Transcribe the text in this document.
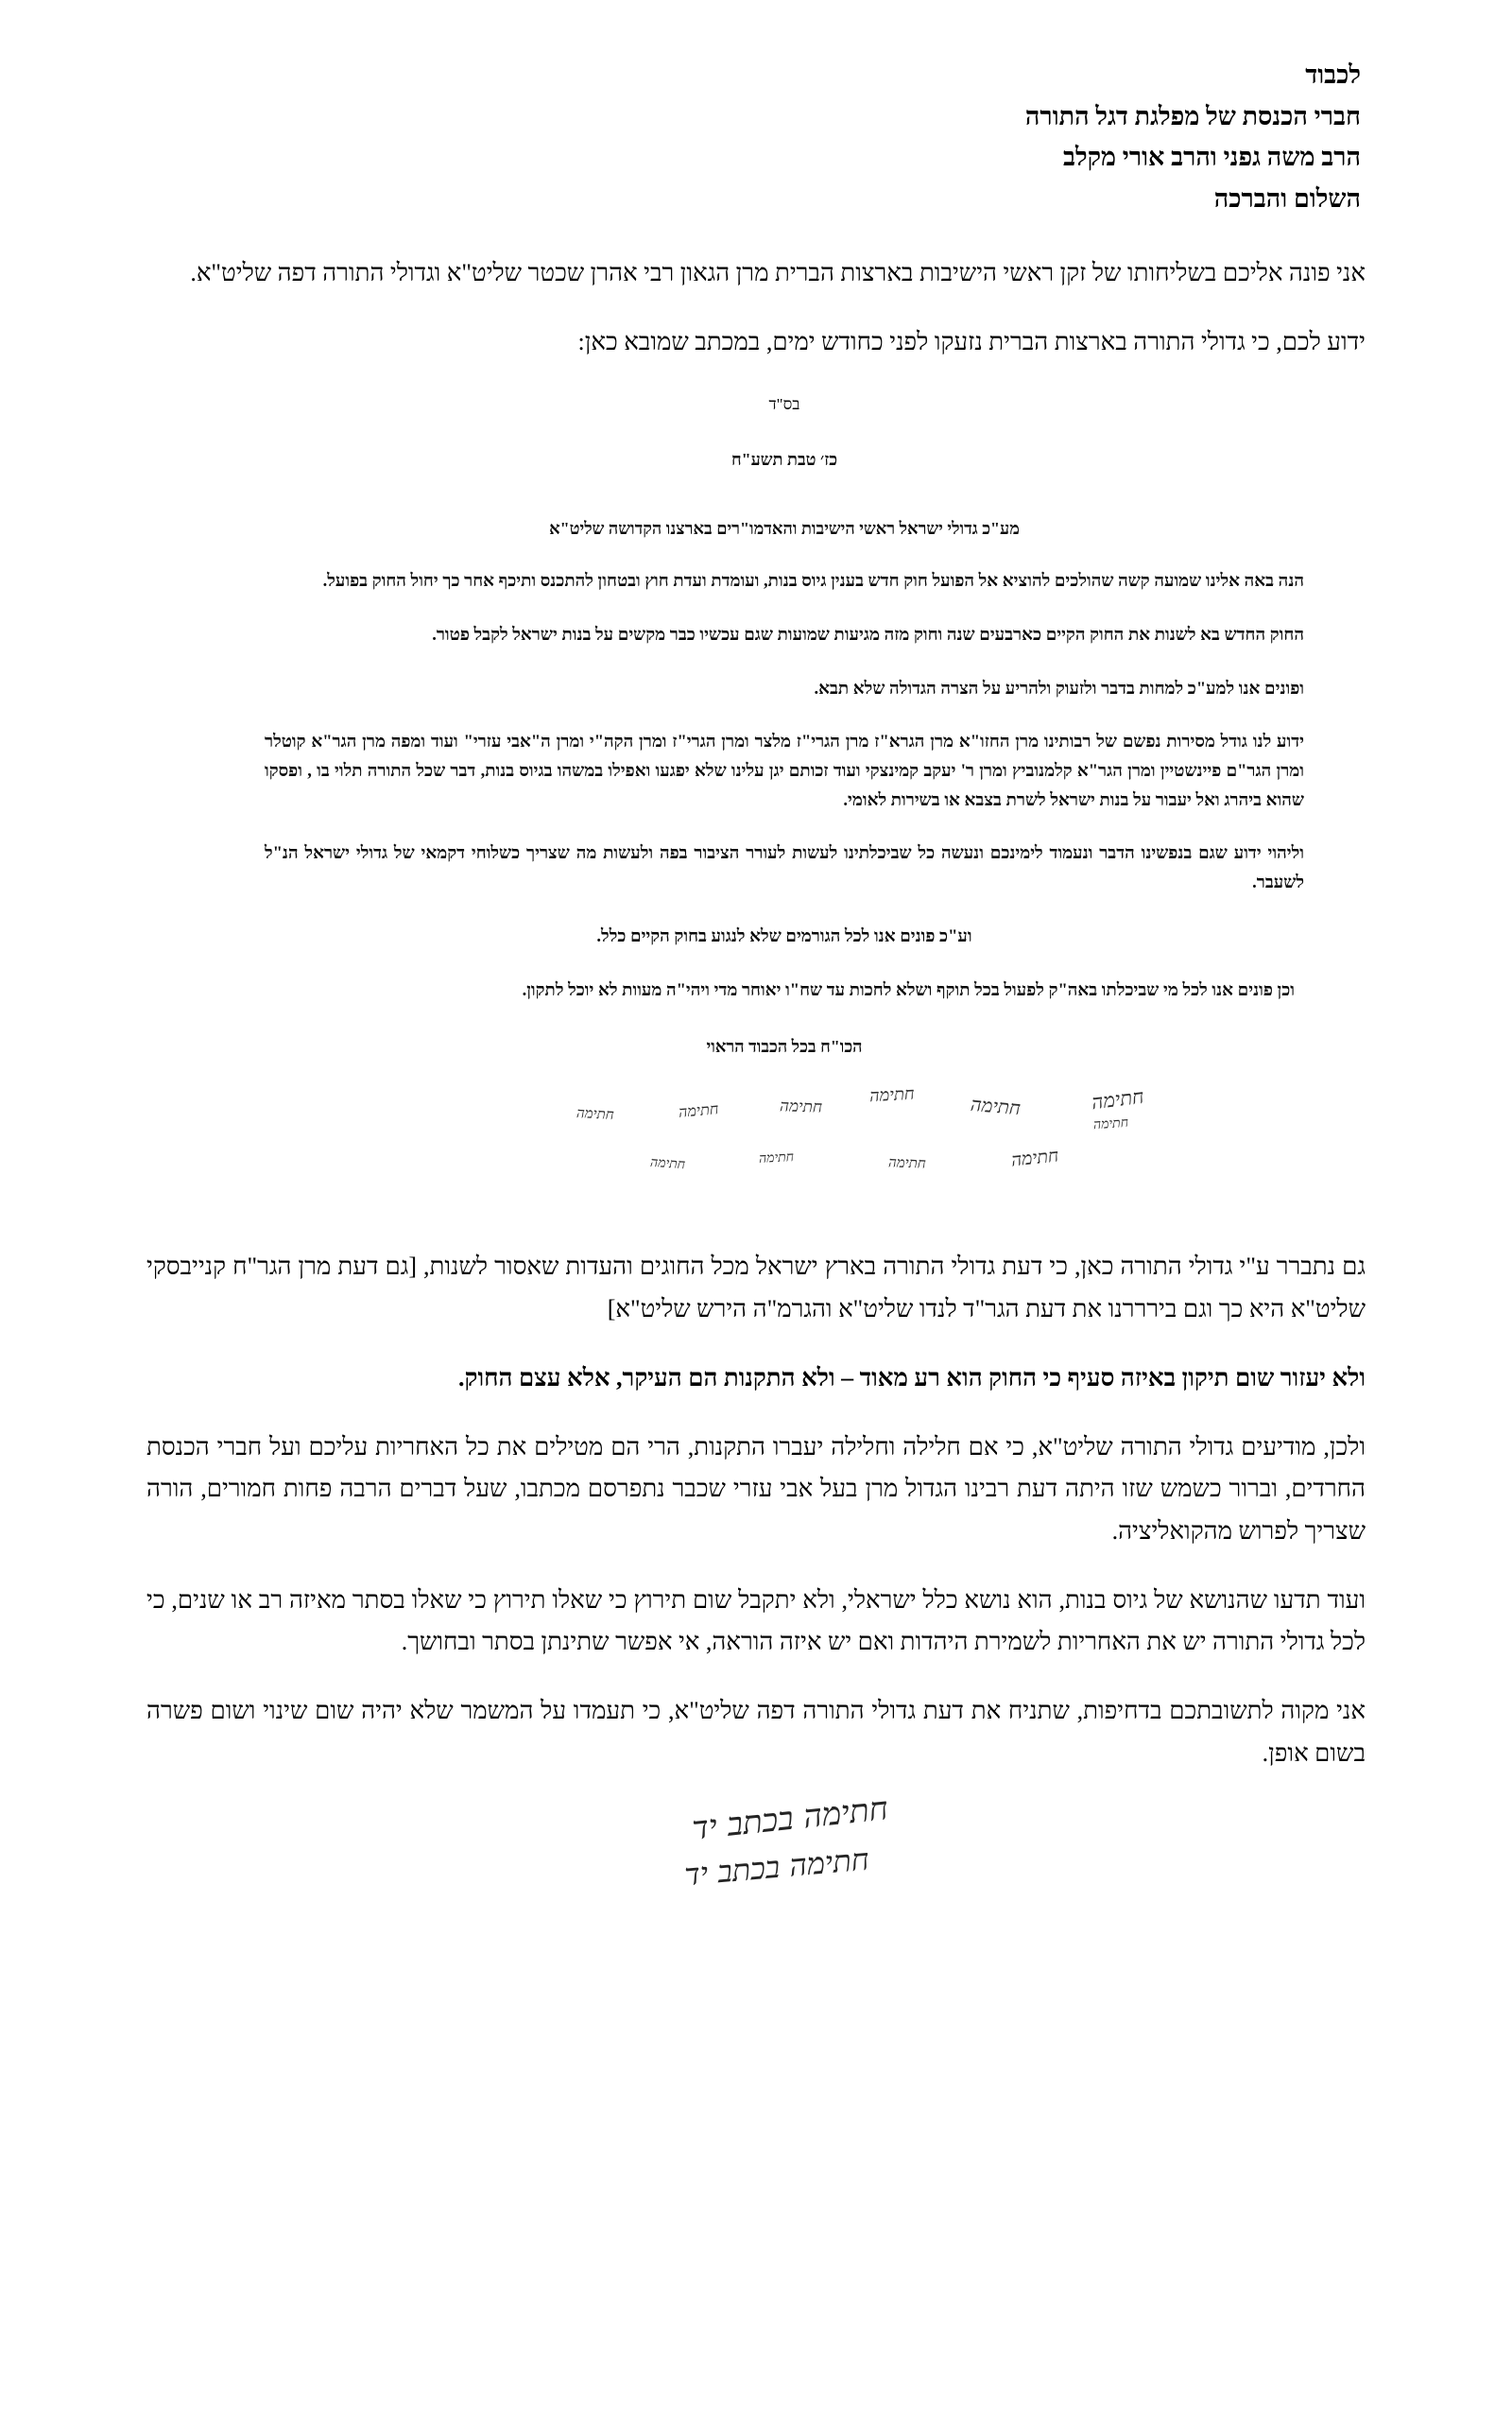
לכבוד
חברי הכנסת של מפלגת דגל התורה
הרב משה גפני והרב אורי מקלב
השלום והברכה
אני פונה אליכם בשליחותו של זקן ראשי הישיבות בארצות הברית מרן הגאון רבי אהרן שכטר שליט"א וגדולי התורה דפה שליט"א.
ידוע לכם, כי גדולי התורה בארצות הברית נזעקו לפני כחודש ימים, במכתב שמובא כאן:
בס"ד
כז׳ טבת תשע"ח
מע"כ גדולי ישראל ראשי הישיבות והאדמו"רים בארצנו הקדושה שליט"א

הנה באה אלינו שמועה קשה שהולכים להוציא אל הפועל חוק חדש בענין גיוס בנות, ועומדת ועדת חוץ ובטחון להתכנס ותיכף אחר כך יחול החוק בפועל.

החוק החדש בא לשנות את החוק הקיים כארבעים שנה וחוק מזה מגיעות שמועות שגם עכשיו כבר מקשים על בנות ישראל לקבל פטור.

ופונים אנו למע"כ למחות בדבר ולזעוק ולהריע על הצרה הגדולה שלא תבא.

ידוע לנו גודל מסירות נפשם של רבותינו מרן החזו"א מרן הגרא"ז מרן הגרי"ז מלצר ומרן הגרי"ז ומרן הקה"י ומרן ה"אבי עזרי" ועוד ומפה מרן הגר"א קוטלר ומרן הגר"ם פיינשטיין ומרן הגר"א קלמנוביץ ומרן ר' יעקב קמינצקי ועוד זכותם יגן עלינו שלא יפגעו ואפילו במשהו בגיוס בנות, דבר שכל התורה תלוי בו , ופסקו שהוא ביהרג ואל יעבור על בנות ישראל לשרת בצבא או בשירות לאומי.

וליהוי ידוע שגם בנפשינו הדבר ונעמוד לימינכם ונעשה כל שביכלתינו לעשות לעורר הציבור בפה ולעשות מה שצריך כשלוחי דקמאי של גדולי ישראל הנ"ל לשעבר.

וע"כ פונים אנו לכל הגורמים שלא לנגוע בחוק הקיים כלל.

וכן פונים אנו לכל מי שביכלתו באה"ק לפעול בכל תוקף ושלא לחכות עד שח"ו יאוחר מדי ויהי"ה מעוות לא יוכל לתקון.

הכו"ח בכל הכבוד הראוי
חתימה
חתימה
חתימה
חתימה
חתימה
חתימה
חתימה
חתימה
חתימה
חתימה
חתימה
גם נתברר ע"י גדולי התורה כאן, כי דעת גדולי התורה בארץ ישראל מכל החוגים והעדות שאסור לשנות, [גם דעת מרן הגר"ח קנייבסקי שליט"א היא כך וגם בירררנו את דעת הגר"ד לנדו שליט"א והגרמ"ה הירש שליט"א]
ולא יעזור שום תיקון באיזה סעיף כי החוק הוא רע מאוד – ולא התקנות הם העיקר, אלא עצם החוק.
ולכן, מודיעים גדולי התורה שליט"א, כי אם חלילה וחלילה יעברו התקנות, הרי הם מטילים את כל האחריות עליכם ועל חברי הכנסת החרדים, וברור כשמש שזו היתה דעת רבינו הגדול מרן בעל אבי עזרי שכבר נתפרסם מכתבו, שעל דברים הרבה פחות חמורים, הורה שצריך לפרוש מהקואליציה.
ועוד תדעו שהנושא של גיוס בנות, הוא נושא כלל ישראלי, ולא יתקבל שום תירוץ כי שאלו תירוץ כי שאלו בסתר מאיזה רב או שנים, כי לכל גדולי התורה יש את האחריות לשמירת היהדות ואם יש איזה הוראה, אי אפשר שתינתן בסתר ובחושך.
אני מקוה לתשובתכם בדחיפות, שתניח את דעת גדולי התורה דפה שליט"א, כי תעמדו על המשמר שלא יהיה שום שינוי ושום פשרה בשום אופן.
חתימה בכתב יד
חתימה בכתב יד
